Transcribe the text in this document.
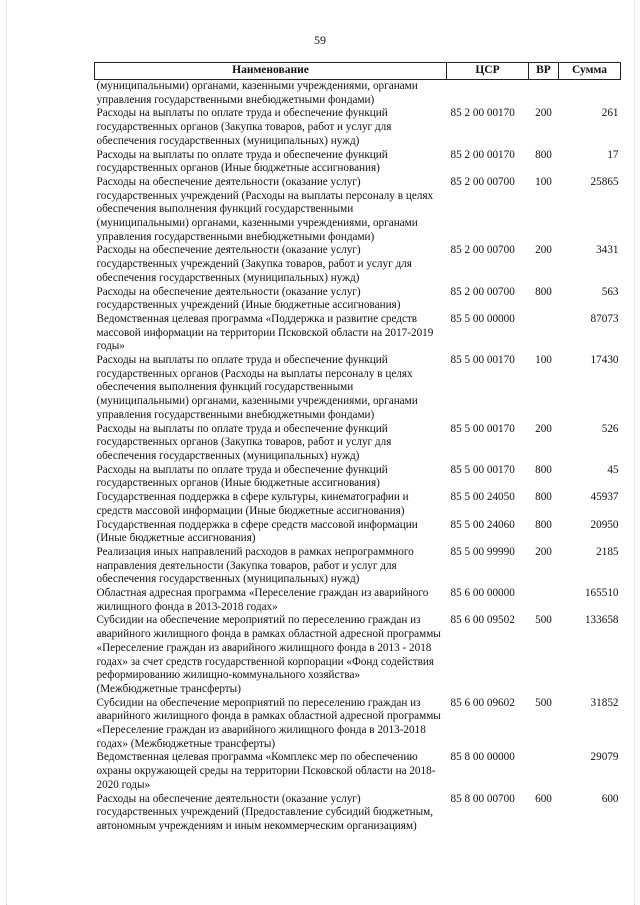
59
Наименование	ЦСР	ВР	Сумма
(муниципальными) органами, казенными учреждениями, органами управления государственными внебюджетными фондами)			
Расходы на выплаты по оплате труда и обеспечение функций государственных органов (Закупка товаров, работ и услуг для обеспечения государственных (муниципальных) нужд)	85 2 00 00170	200	261
Расходы на выплаты по оплате труда и обеспечение функций государственных органов (Иные бюджетные ассигнования)	85 2 00 00170	800	17
Расходы на обеспечение деятельности (оказание услуг) государственных учреждений (Расходы на выплаты персоналу в целях обеспечения выполнения функций государственными (муниципальными) органами, казенными учреждениями, органами управления государственными внебюджетными фондами)	85 2 00 00700	100	25865
Расходы на обеспечение деятельности (оказание услуг) государственных учреждений (Закупка товаров, работ и услуг для обеспечения государственных (муниципальных) нужд)	85 2 00 00700	200	3431
Расходы на обеспечение деятельности (оказание услуг) государственных учреждений (Иные бюджетные ассигнования)	85 2 00 00700	800	563
Ведомственная целевая программа «Поддержка и развитие средств массовой информации на территории Псковской области на 2017-2019 годы»	85 5 00 00000		87073
Расходы на выплаты по оплате труда и обеспечение функций государственных органов (Расходы на выплаты персоналу в целях обеспечения выполнения функций государственными (муниципальными) органами, казенными учреждениями, органами управления государственными внебюджетными фондами)	85 5 00 00170	100	17430
Расходы на выплаты по оплате труда и обеспечение функций государственных органов (Закупка товаров, работ и услуг для обеспечения государственных (муниципальных) нужд)	85 5 00 00170	200	526
Расходы на выплаты по оплате труда и обеспечение функций государственных органов (Иные бюджетные ассигнования)	85 5 00 00170	800	45
Государственная поддержка в сфере культуры, кинематографии и средств массовой информации (Иные бюджетные ассигнования)	85 5 00 24050	800	45937
Государственная поддержка в сфере средств массовой информации (Иные бюджетные ассигнования)	85 5 00 24060	800	20950
Реализация иных направлений расходов в рамках непрограммного направления деятельности (Закупка товаров, работ и услуг для обеспечения государственных (муниципальных) нужд)	85 5 00 99990	200	2185
Областная адресная программа «Переселение граждан из аварийного жилищного фонда в 2013-2018 годах»	85 6 00 00000		165510
Субсидии на обеспечение мероприятий по переселению граждан из аварийного жилищного фонда в рамках областной адресной программы «Переселение граждан из аварийного жилищного фонда в 2013 - 2018 годах» за счет средств государственной корпорации «Фонд содействия реформированию жилищно-коммунального хозяйства» (Межбюджетные трансферты)	85 6 00 09502	500	133658
Субсидии на обеспечение мероприятий по переселению граждан из аварийного жилищного фонда в рамках областной адресной программы «Переселение граждан из аварийного жилищного фонда в 2013-2018 годах» (Межбюджетные трансферты)	85 6 00 09602	500	31852
Ведомственная целевая программа «Комплекс мер по обеспечению охраны окружающей среды на территории Псковской области на 2018-2020 годы»	85 8 00 00000		29079
Расходы на обеспечение деятельности (оказание услуг) государственных учреждений (Предоставление субсидий бюджетным, автономным учреждениям и иным некоммерческим организациям)	85 8 00 00700	600	600
